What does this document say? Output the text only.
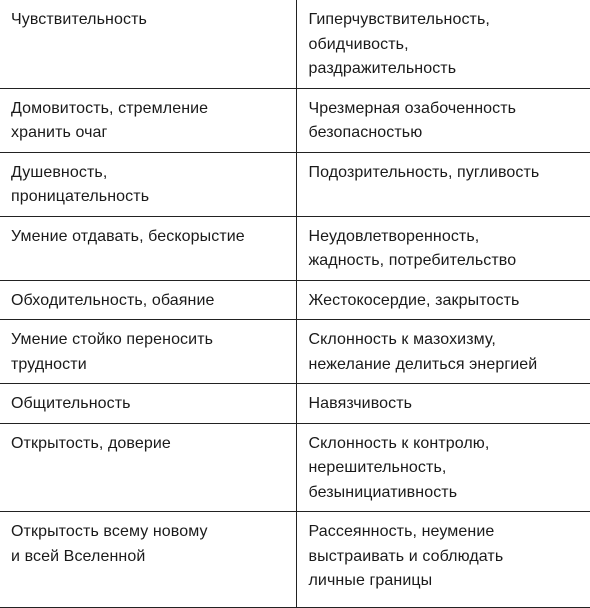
Чувствительность	Гиперчувствительность,
обидчивость,
раздражительность

Домовитость, стремление
хранить очаг	Чрезмерная озабоченность
безопасностью

Душевность,
проницательность	Подозрительность, пугливость

Умение отдавать, бескорыстие	Неудовлетворенность,
жадность, потребительство

Обходительность, обаяние	Жестокосердие, закрытость

Умение стойко переносить
трудности	Склонность к мазохизму,
нежелание делиться энергией

Общительность	Навязчивость

Открытость, доверие	Склонность к контролю,
нерешительность,
безынициативность

Открытость всему новому
и всей Вселенной	Рассеянность, неумение
выстраивать и соблюдать
личные границы
